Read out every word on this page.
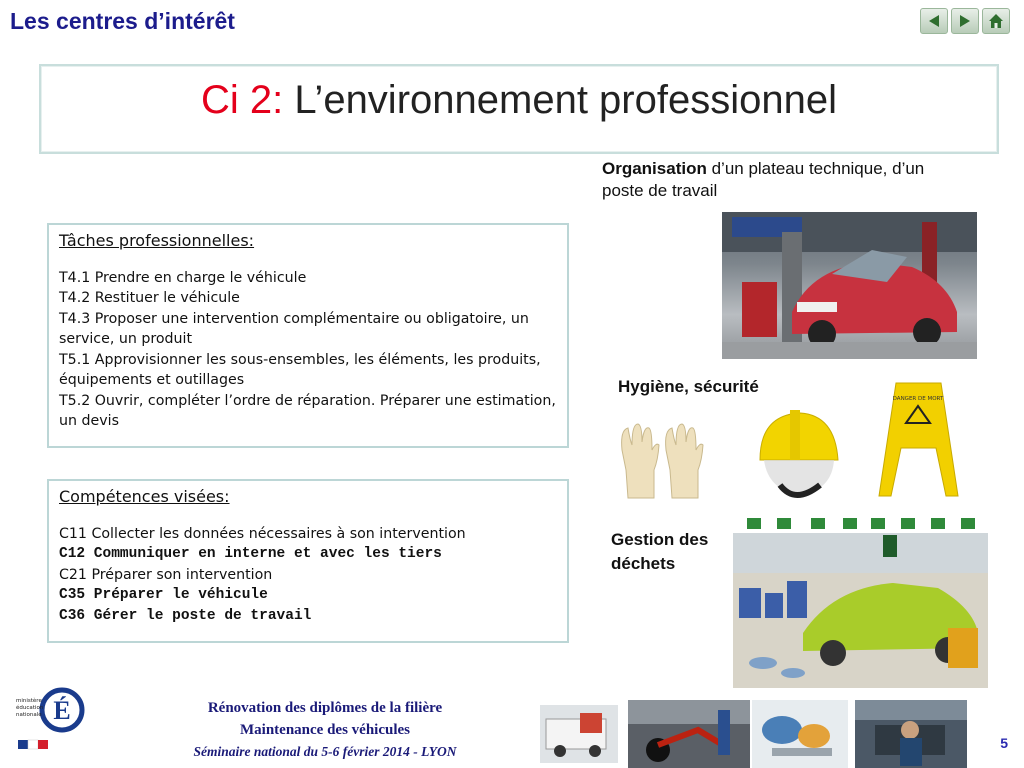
Les centres d’intérêt
Ci 2: L’environnement professionnel
Organisation d’un plateau technique, d’un poste de travail
Hygiène, sécurité
DANGER DE MORT
Gestion des déchets
Tâches professionnelles:
T4.1 Prendre en charge le véhicule
T4.2 Restituer le véhicule
T4.3 Proposer une intervention complémentaire ou obligatoire, un service, un produit
T5.1 Approvisionner les sous-ensembles, les éléments, les produits, équipements et outillages
T5.2 Ouvrir, compléter l’ordre de réparation. Préparer une estimation, un devis
Compétences visées:
C11 Collecter les données nécessaires à son intervention
C12 Communiquer en interne et avec les tiers
C21 Préparer son intervention
C35 Préparer le véhicule
C36 Gérer le poste de travail
É
ministère
éducation
nationale	Rénovation des diplômes de la filière
Maintenance des véhicules
Séminaire national du 5-6 février 2014 - LYON
5
